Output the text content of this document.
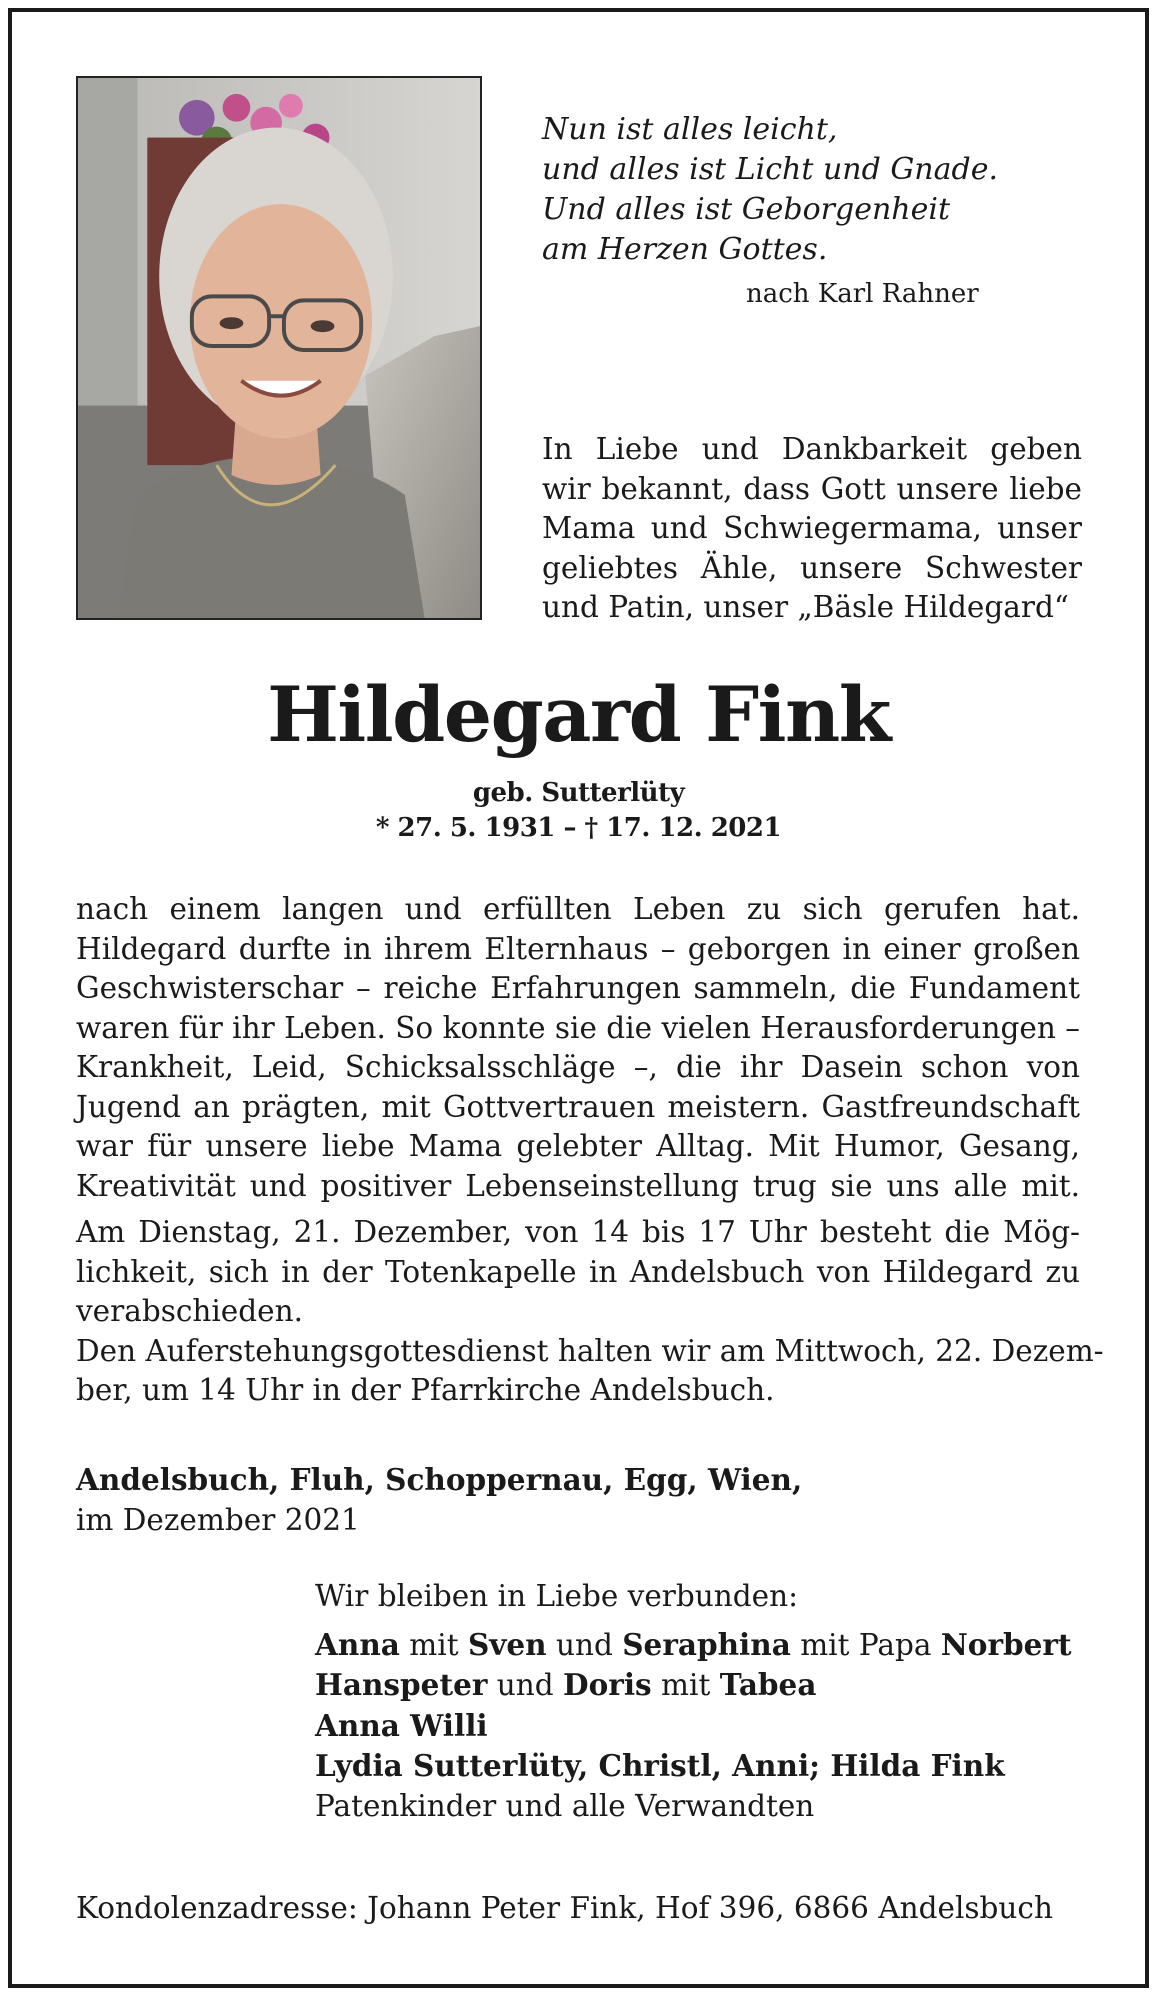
Nun ist alles leicht,
und alles ist Licht und Gnade.
Und alles ist Geborgenheit
am Herzen Gottes.
nach Karl Rahner
In Liebe und Dankbarkeit geben
wir bekannt, dass Gott unsere liebe
Mama und Schwiegermama, unser
geliebtes Ähle, unsere Schwester
und Patin, unser „Bäsle Hildegard“
Hildegard Fink
geb. Sutterlüty
* 27. 5. 1931 – † 17. 12. 2021
nach einem langen und erfüllten Leben zu sich gerufen hat.
Hildegard durfte in ihrem Elternhaus – geborgen in einer großen
Geschwisterschar – reiche Erfahrungen sammeln, die Fundament
waren für ihr Leben. So konnte sie die vielen Herausforderungen –
Krankheit, Leid, Schicksalsschläge –, die ihr Dasein schon von
Jugend an prägten, mit Gottvertrauen meistern. Gastfreundschaft
war für unsere liebe Mama gelebter Alltag. Mit Humor, Gesang,
Kreativität und positiver Lebenseinstellung trug sie uns alle mit.
Am Dienstag, 21. Dezember, von 14 bis 17 Uhr besteht die Mög-
lichkeit, sich in der Totenkapelle in Andelsbuch von Hildegard zu
verabschieden.
Den Auferstehungsgottesdienst halten wir am Mittwoch, 22. Dezem-
ber, um 14 Uhr in der Pfarrkirche Andelsbuch.
Andelsbuch, Fluh, Schoppernau, Egg, Wien,
im Dezember 2021
Wir bleiben in Liebe verbunden:
Anna mit Sven und Seraphina mit Papa Norbert
Hanspeter und Doris mit Tabea
Anna Willi
Lydia Sutterlüty, Christl, Anni; Hilda Fink
Patenkinder und alle Verwandten
Kondolenzadresse: Johann Peter Fink, Hof 396, 6866 Andelsbuch
